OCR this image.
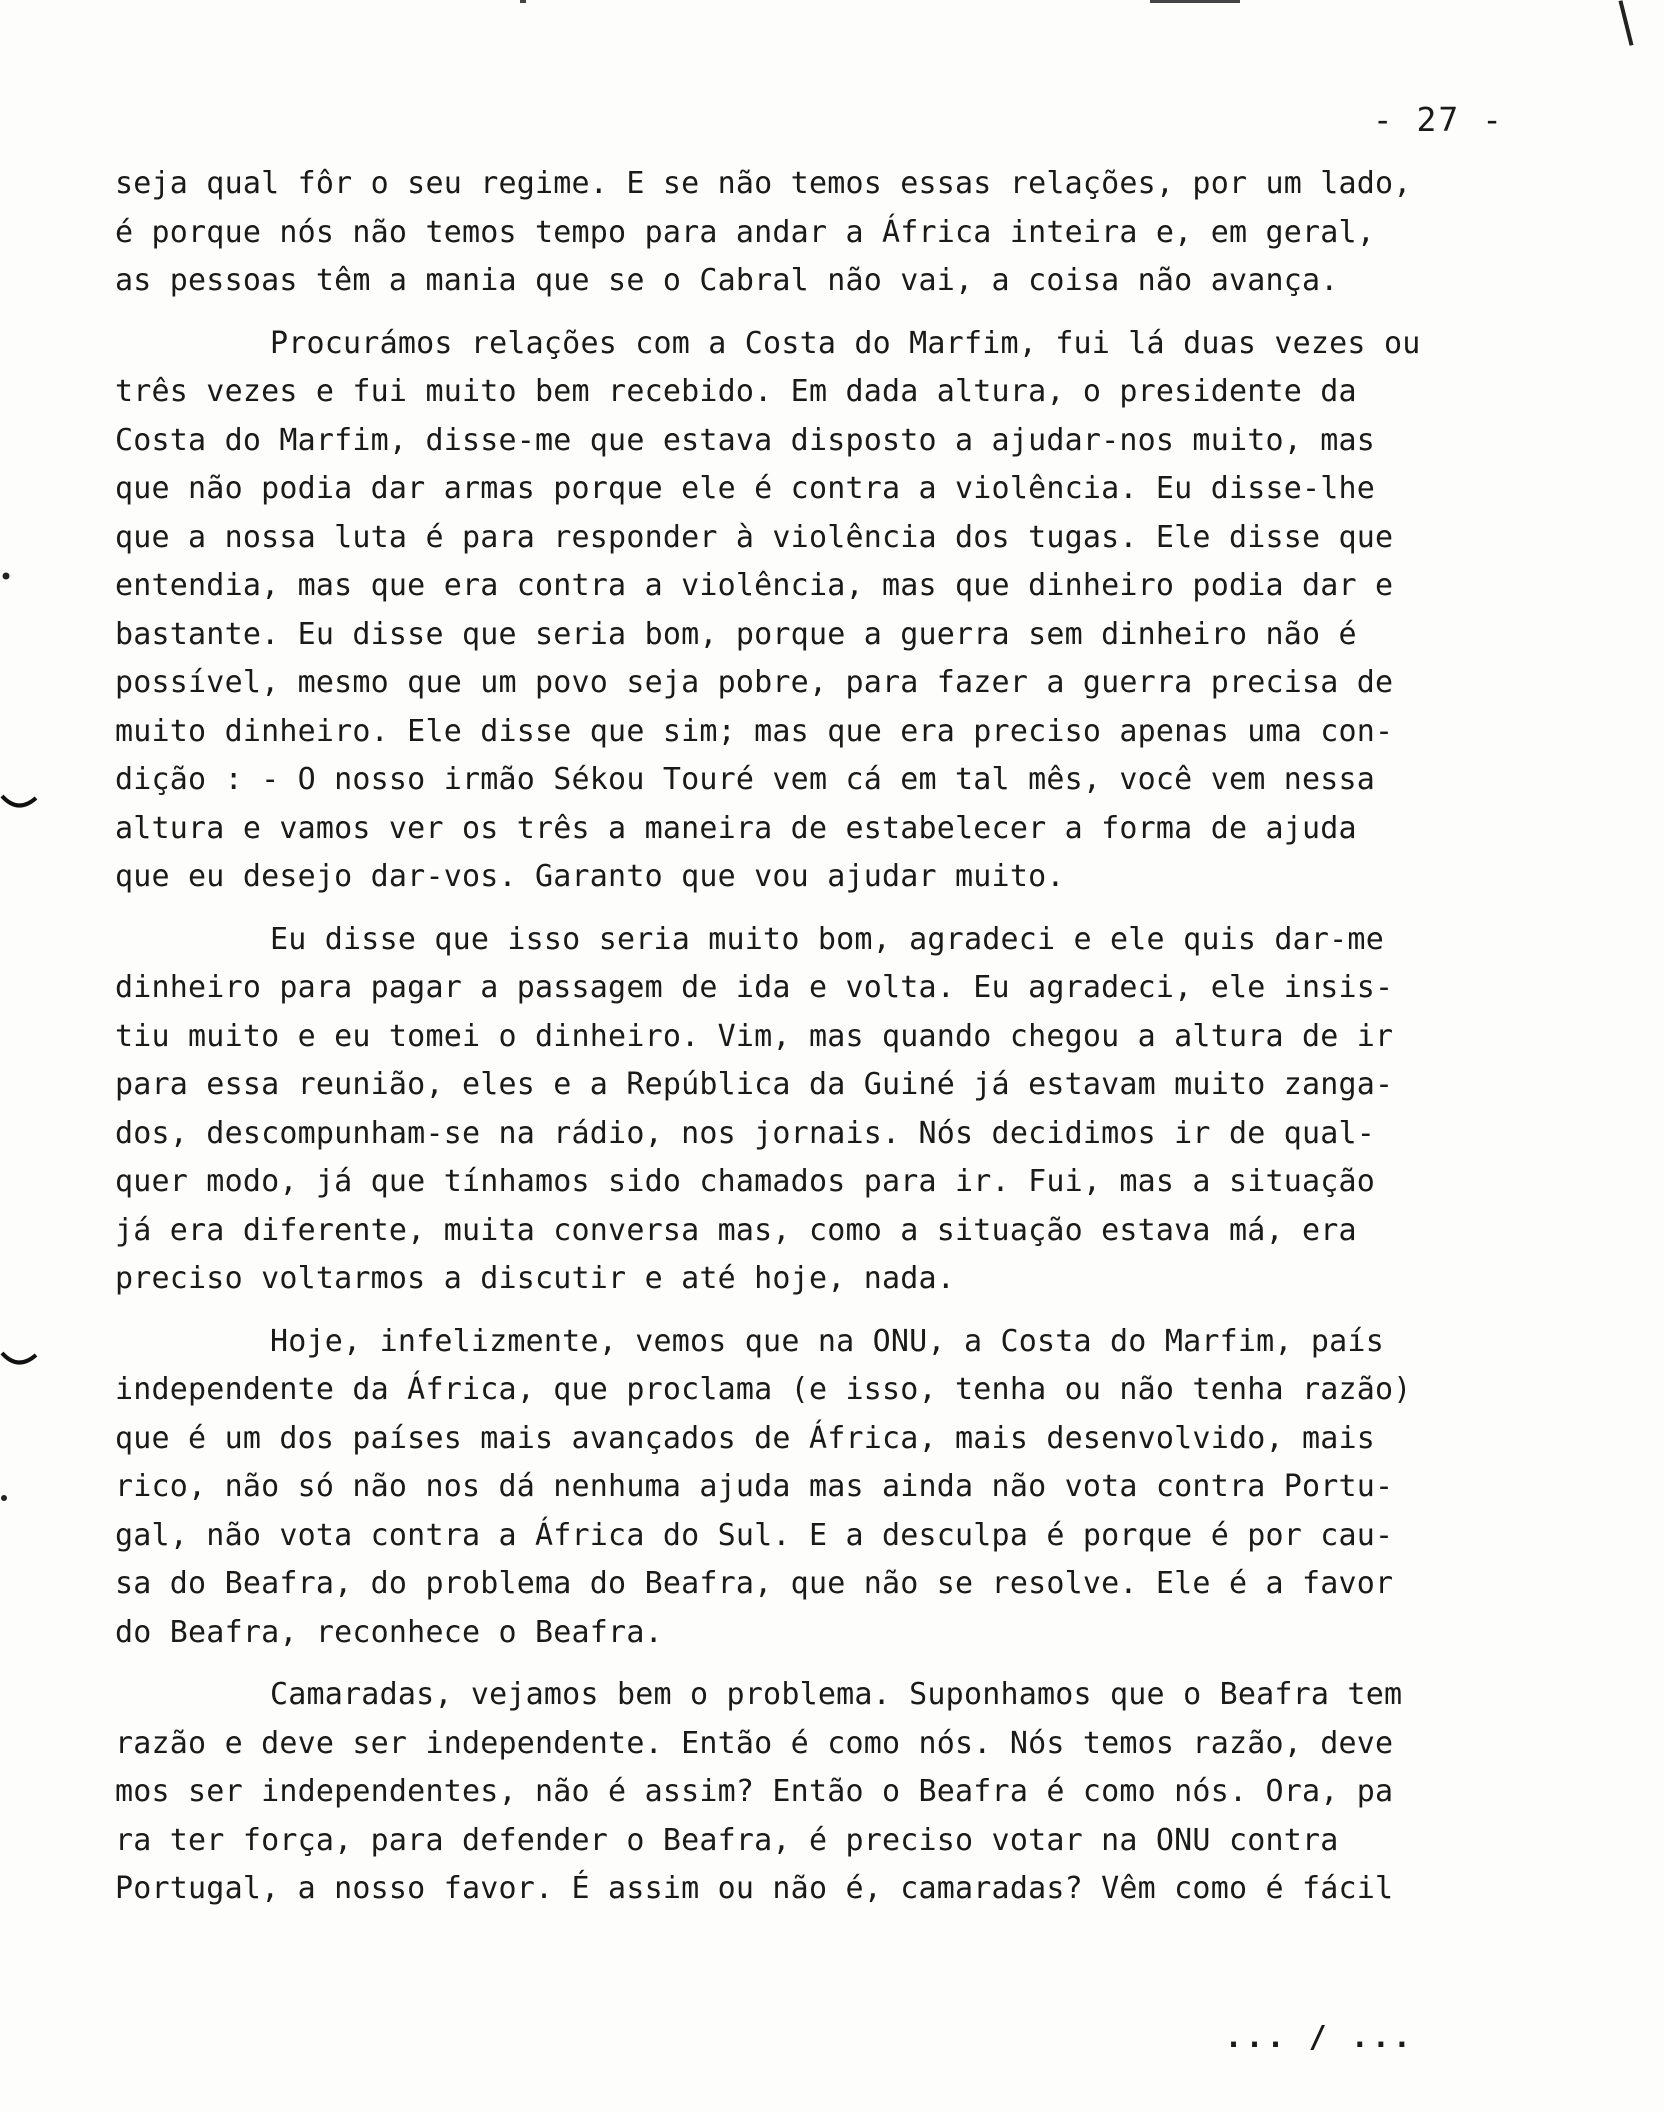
- 27 -

seja qual fôr o seu regime. E se não temos essas relações, por um lado,
é porque nós não temos tempo para andar a África inteira e, em geral,
as pessoas têm a mania que se o Cabral não vai, a coisa não avança.

Procurámos relações com a Costa do Marfim, fui lá duas vezes ou
três vezes e fui muito bem recebido. Em dada altura, o presidente da
Costa do Marfim, disse-me que estava disposto a ajudar-nos muito, mas
que não podia dar armas porque ele é contra a violência. Eu disse-lhe
que a nossa luta é para responder à violência dos tugas. Ele disse que
entendia, mas que era contra a violência, mas que dinheiro podia dar e
bastante. Eu disse que seria bom, porque a guerra sem dinheiro não é
possível, mesmo que um povo seja pobre, para fazer a guerra precisa de
muito dinheiro. Ele disse que sim; mas que era preciso apenas uma con-
dição : - O nosso irmão Sékou Touré vem cá em tal mês, você vem nessa
altura e vamos ver os três a maneira de estabelecer a forma de ajuda
que eu desejo dar-vos. Garanto que vou ajudar muito.

Eu disse que isso seria muito bom, agradeci e ele quis dar-me
dinheiro para pagar a passagem de ida e volta. Eu agradeci, ele insis-
tiu muito e eu tomei o dinheiro. Vim, mas quando chegou a altura de ir
para essa reunião, eles e a República da Guiné já estavam muito zanga-
dos, descompunham-se na rádio, nos jornais. Nós decidimos ir de qual-
quer modo, já que tínhamos sido chamados para ir. Fui, mas a situação
já era diferente, muita conversa mas, como a situação estava má, era
preciso voltarmos a discutir e até hoje, nada.

Hoje, infelizmente, vemos que na ONU, a Costa do Marfim, país
independente da África, que proclama (e isso, tenha ou não tenha razão)
que é um dos países mais avançados de África, mais desenvolvido, mais
rico, não só não nos dá nenhuma ajuda mas ainda não vota contra Portu-
gal, não vota contra a África do Sul. E a desculpa é porque é por cau-
sa do Beafra, do problema do Beafra, que não se resolve. Ele é a favor
do Beafra, reconhece o Beafra.

Camaradas, vejamos bem o problema. Suponhamos que o Beafra tem
razão e deve ser independente. Então é como nós. Nós temos razão, deve
mos ser independentes, não é assim? Então o Beafra é como nós. Ora, pa
ra ter força, para defender o Beafra, é preciso votar na ONU contra
Portugal, a nosso favor. É assim ou não é, camaradas? Vêm como é fácil

... / ...
